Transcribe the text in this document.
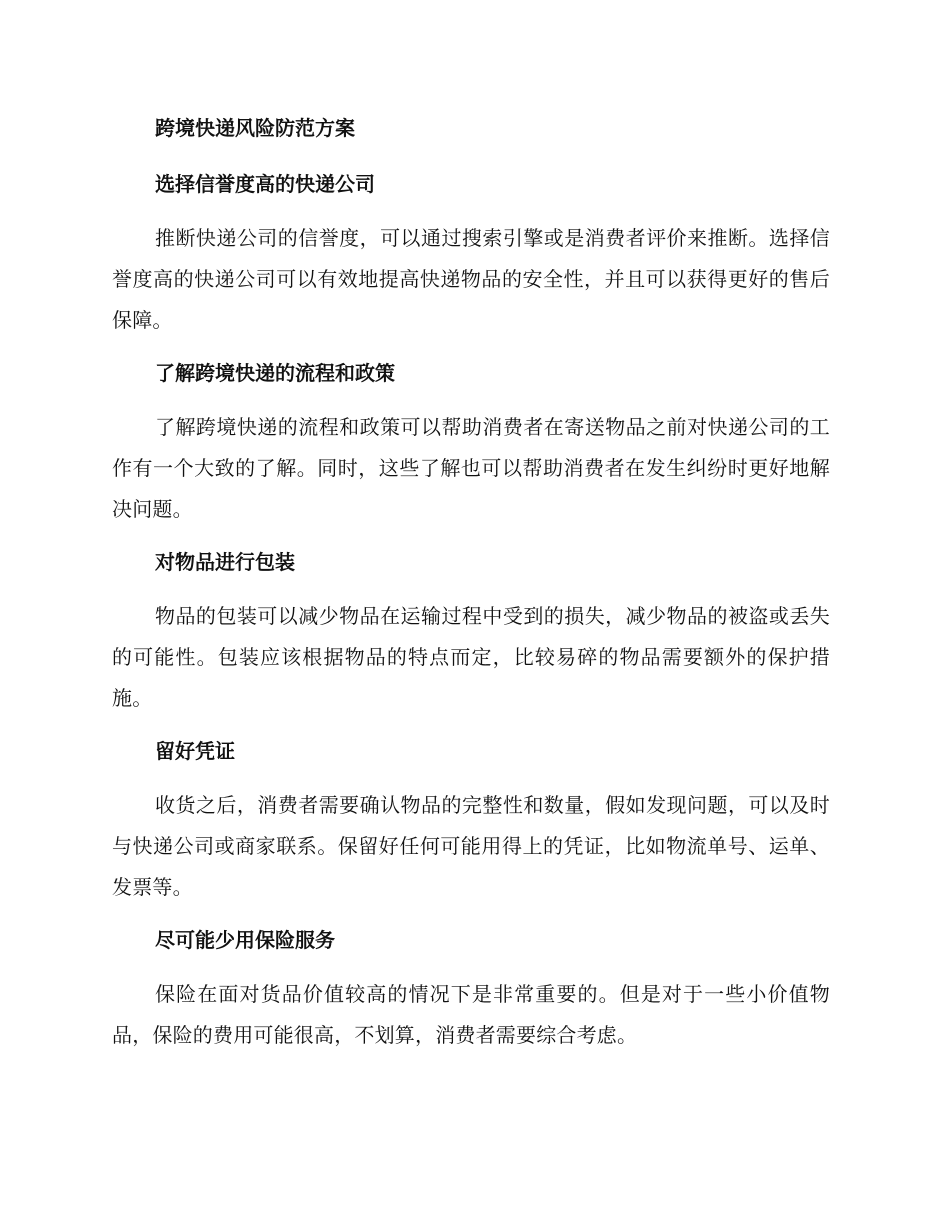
跨境快递风险防范方案
选择信誉度高的快递公司

推断快递公司的信誉度，可以通过搜索引擎或是消费者评价来推断。选择信誉度高的快递公司可以有效地提高快递物品的安全性，并且可以获得更好的售后保障。

了解跨境快递的流程和政策

了解跨境快递的流程和政策可以帮助消费者在寄送物品之前对快递公司的工作有一个大致的了解。同时，这些了解也可以帮助消费者在发生纠纷时更好地解决问题。

对物品进行包装

物品的包装可以减少物品在运输过程中受到的损失，减少物品的被盗或丢失的可能性。包装应该根据物品的特点而定，比较易碎的物品需要额外的保护措施。

留好凭证

收货之后，消费者需要确认物品的完整性和数量，假如发现问题，可以及时与快递公司或商家联系。保留好任何可能用得上的凭证，比如物流单号、运单、发票等。

尽可能少用保险服务

保险在面对货品价值较高的情况下是非常重要的。但是对于一些小价值物品，保险的费用可能很高，不划算，消费者需要综合考虑。
